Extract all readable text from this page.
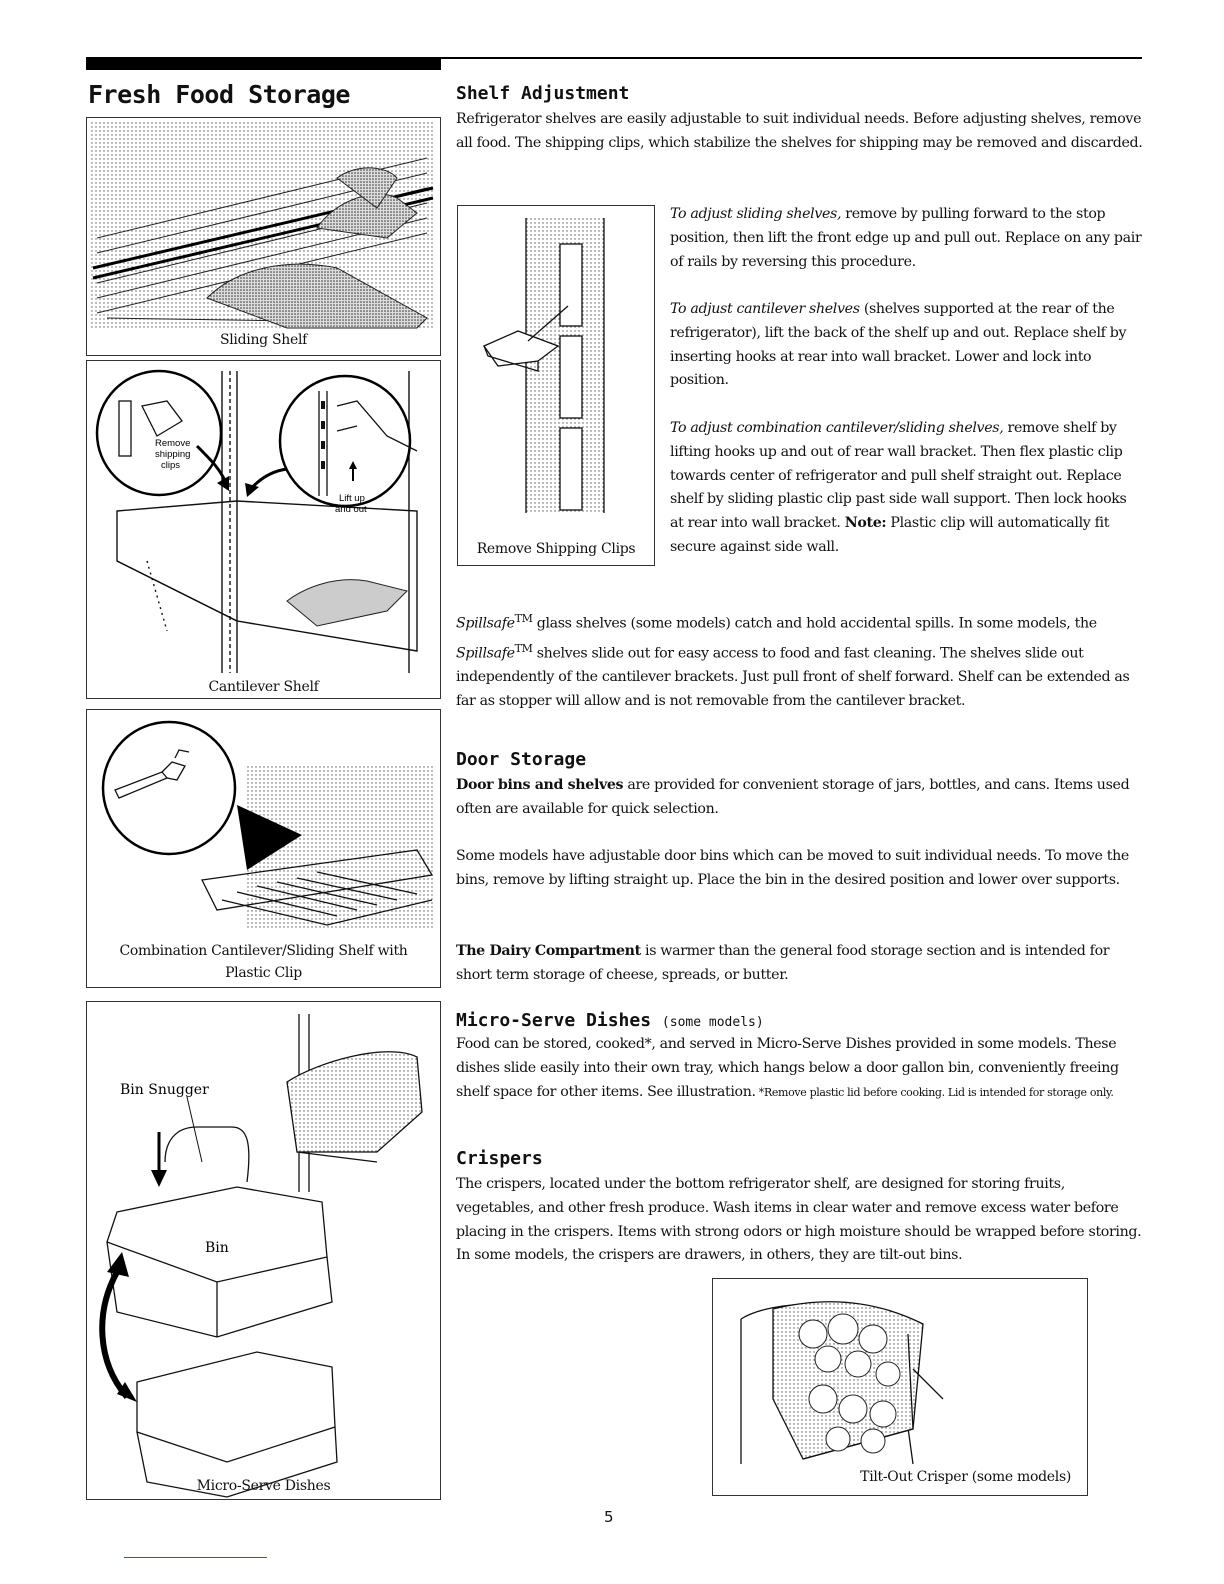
Fresh Food Storage
Sliding Shelf
Remove
shipping
clips
Lift up
and out
Cantilever Shelf
Combination Cantilever/Sliding Shelf with
Plastic Clip
Bin Snugger
Bin
Micro-Serve Dishes
Shelf Adjustment

Refrigerator shelves are easily adjustable to suit individual needs. Before adjusting shelves, remove all food. The shipping clips, which stabilize the shelves for shipping may be removed and discarded.

Remove Shipping Clips

To adjust sliding shelves, remove by pulling forward to the stop position, then lift the front edge up and pull out. Replace on any pair of rails by reversing this procedure.

To adjust cantilever shelves (shelves supported at the rear of the refrigerator), lift the back of the shelf up and out. Replace shelf by inserting hooks at rear into wall bracket. Lower and lock into position.

To adjust combination cantilever/sliding shelves, remove shelf by lifting hooks up and out of rear wall bracket. Then flex plastic clip towards center of refrigerator and pull shelf straight out. Replace shelf by sliding plastic clip past side wall support. Then lock hooks at rear into wall bracket. Note: Plastic clip will automatically fit secure against side wall.

Spillsafe™ glass shelves (some models) catch and hold accidental spills. In some models, the Spillsafe™ shelves slide out for easy access to food and fast cleaning. The shelves slide out independently of the cantilever brackets. Just pull front of shelf forward. Shelf can be extended as far as stopper will allow and is not removable from the cantilever bracket.

Door Storage

Door bins and shelves are provided for convenient storage of jars, bottles, and cans. Items used often are available for quick selection.

Some models have adjustable door bins which can be moved to suit individual needs. To move the bins, remove by lifting straight up. Place the bin in the desired position and lower over supports.

The Dairy Compartment is warmer than the general food storage section and is intended for short term storage of cheese, spreads, or butter.

Micro-Serve Dishes (some models)

Food can be stored, cooked*, and served in Micro-Serve Dishes provided in some models. These dishes slide easily into their own tray, which hangs below a door gallon bin, conveniently freeing shelf space for other items. See illustration. *Remove plastic lid before cooking. Lid is intended for storage only.

Crispers

The crispers, located under the bottom refrigerator shelf, are designed for storing fruits, vegetables, and other fresh produce. Wash items in clear water and remove excess water before placing in the crispers. Items with strong odors or high moisture should be wrapped before storing. In some models, the crispers are drawers, in others, they are tilt-out bins.

Tilt-Out Crisper (some models)
5
